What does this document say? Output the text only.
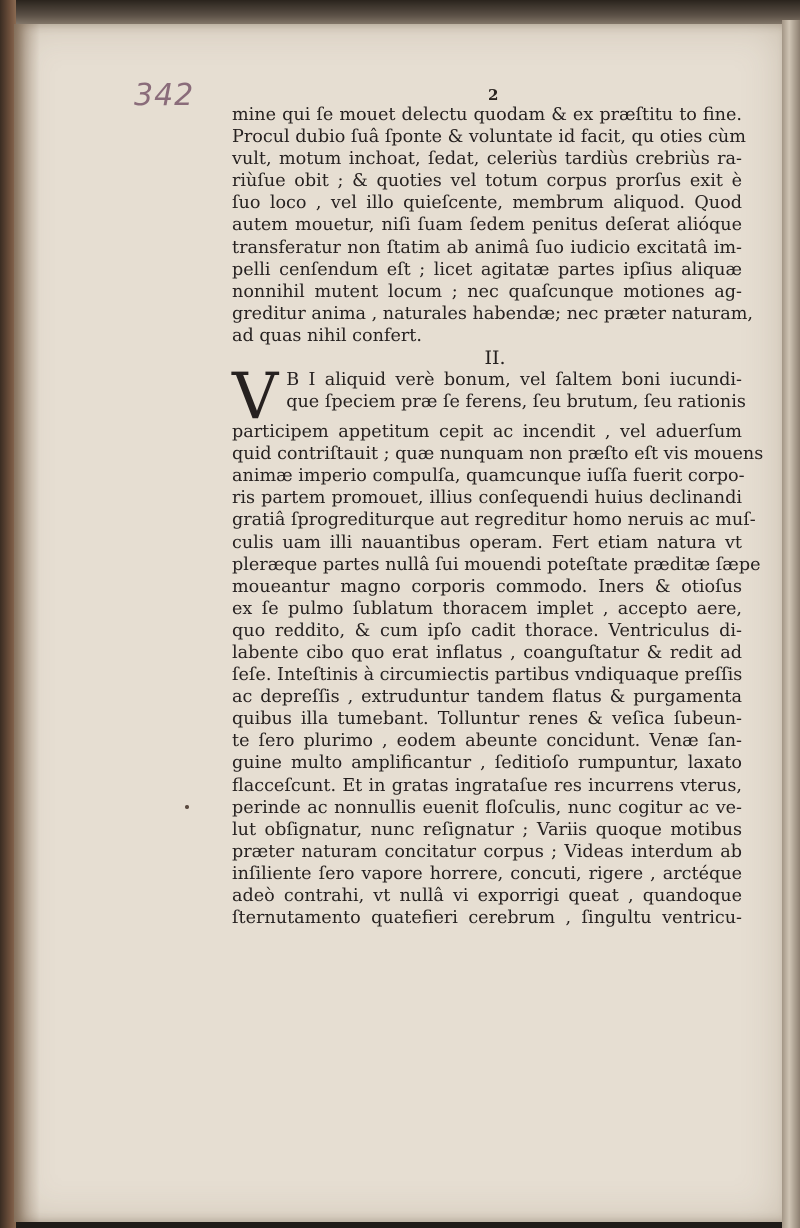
342	2
mine qui ſe mouet delectu quodam & ex præſtitu to fine.
Procul dubio ſuâ ſponte & voluntate id facit, qu oties cùm
vult, motum inchoat, ſedat, celeriùs tardiùs crebriùs ra-
riùſue obit ; & quoties vel totum corpus prorſus exit è
ſuo loco , vel illo quieſcente, membrum aliquod. Quod
autem mouetur, niſi ſuam ſedem penitus deſerat alióque
transferatur non ſtatim ab animâ ſuo iudicio excitatâ im-
pelli cenſendum eſt ; licet agitatæ partes ipſius aliquæ
nonnihil mutent locum ; nec quaſcunque motiones ag-
greditur anima , naturales habendæ; nec præter naturam,
ad quas nihil confert.
II.
V B I aliquid verè bonum, vel ſaltem boni iucundi-
que ſpeciem præ ſe ferens, ſeu brutum, ſeu rationis
participem appetitum cepit ac incendit , vel aduerſum
quid contriſtauit ; quæ nunquam non præſto eſt vis mouens
animæ imperio compulſa, quamcunque iuſſa fuerit corpo-
ris partem promouet, illius conſequendi huius declinandi
gratiâ ſprogrediturque aut regreditur homo neruis ac muſ-
culis uam illi nauantibus operam. Fert etiam natura vt
pleræque partes nullâ ſui mouendi poteſtate præditæ ſæpe
moueantur magno corporis commodo. Iners & otioſus
ex ſe pulmo ſublatum thoracem implet , accepto aere,
quo reddito, & cum ipſo cadit thorace. Ventriculus di-
labente cibo quo erat inflatus , coanguſtatur & redit ad
ſeſe. Inteſtinis à circumiectis partibus vndiquaque preſſis
ac depreſſis , extruduntur tandem flatus & purgamenta
quibus illa tumebant. Tolluntur renes & veſica ſubeun-
te ſero plurimo , eodem abeunte concidunt. Venæ ſan-
guine multo amplificantur , ſeditioſo rumpuntur, laxato
flacceſcunt. Et in gratas ingrataſue res incurrens vterus,
perinde ac nonnullis euenit floſculis, nunc cogitur ac ve-
lut obſignatur, nunc reſignatur ; Variis quoque motibus
præter naturam concitatur corpus ; Videas interdum ab
inſiliente ſero vapore horrere, concuti, rigere , arctéque
adeò contrahi, vt nullâ vi exporrigi queat , quandoque
ſternutamento quatefieri cerebrum , ſingultu ventricu-
